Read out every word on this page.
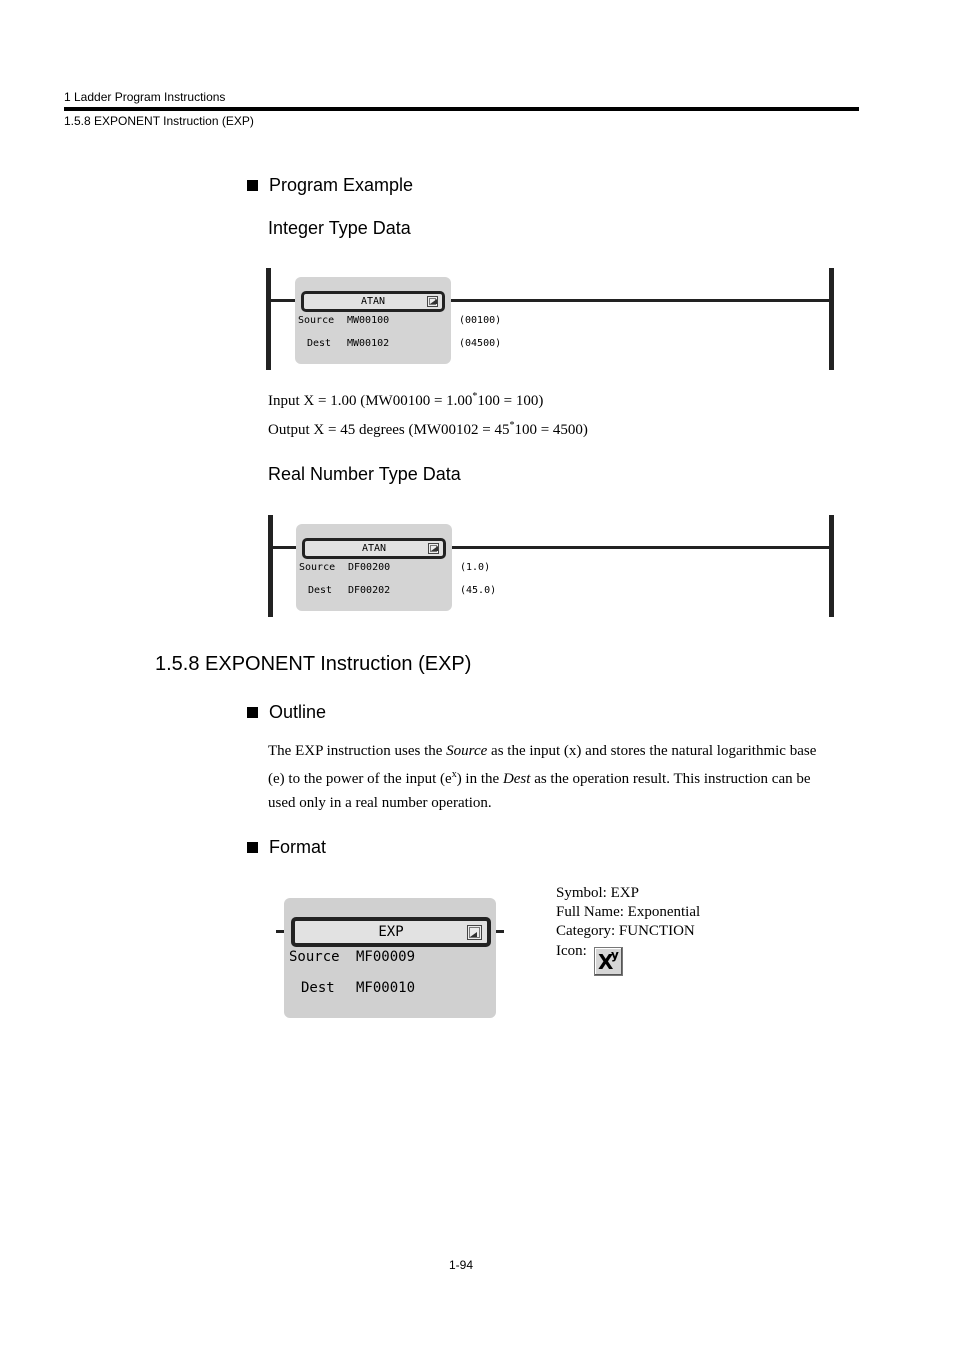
1 Ladder Program Instructions
1.5.8 EXPONENT Instruction (EXP)
Program Example
Integer Type Data
ATAN
Source MW00100
Dest MW00102
(00100)
(04500)
Input X = 1.00 (MW00100 = 1.00*100 = 100)
Output X = 45 degrees (MW00102 = 45*100 = 4500)
Real Number Type Data
ATAN
Source DF00200
Dest DF00202
(1.0)
(45.0)
1.5.8 EXPONENT Instruction (EXP)
Outline
The EXP instruction uses the Source as the input (x) and stores the natural logarithmic base
(e) to the power of the input $(e^x)$ in the Dest as the operation result. This instruction can be
used only in a real number operation.
Format
EXP
Source MF00009
Dest MF00010
Symbol: EXP
Full Name: Exponential
Category: FUNCTION
Icon: X
y
1-94
